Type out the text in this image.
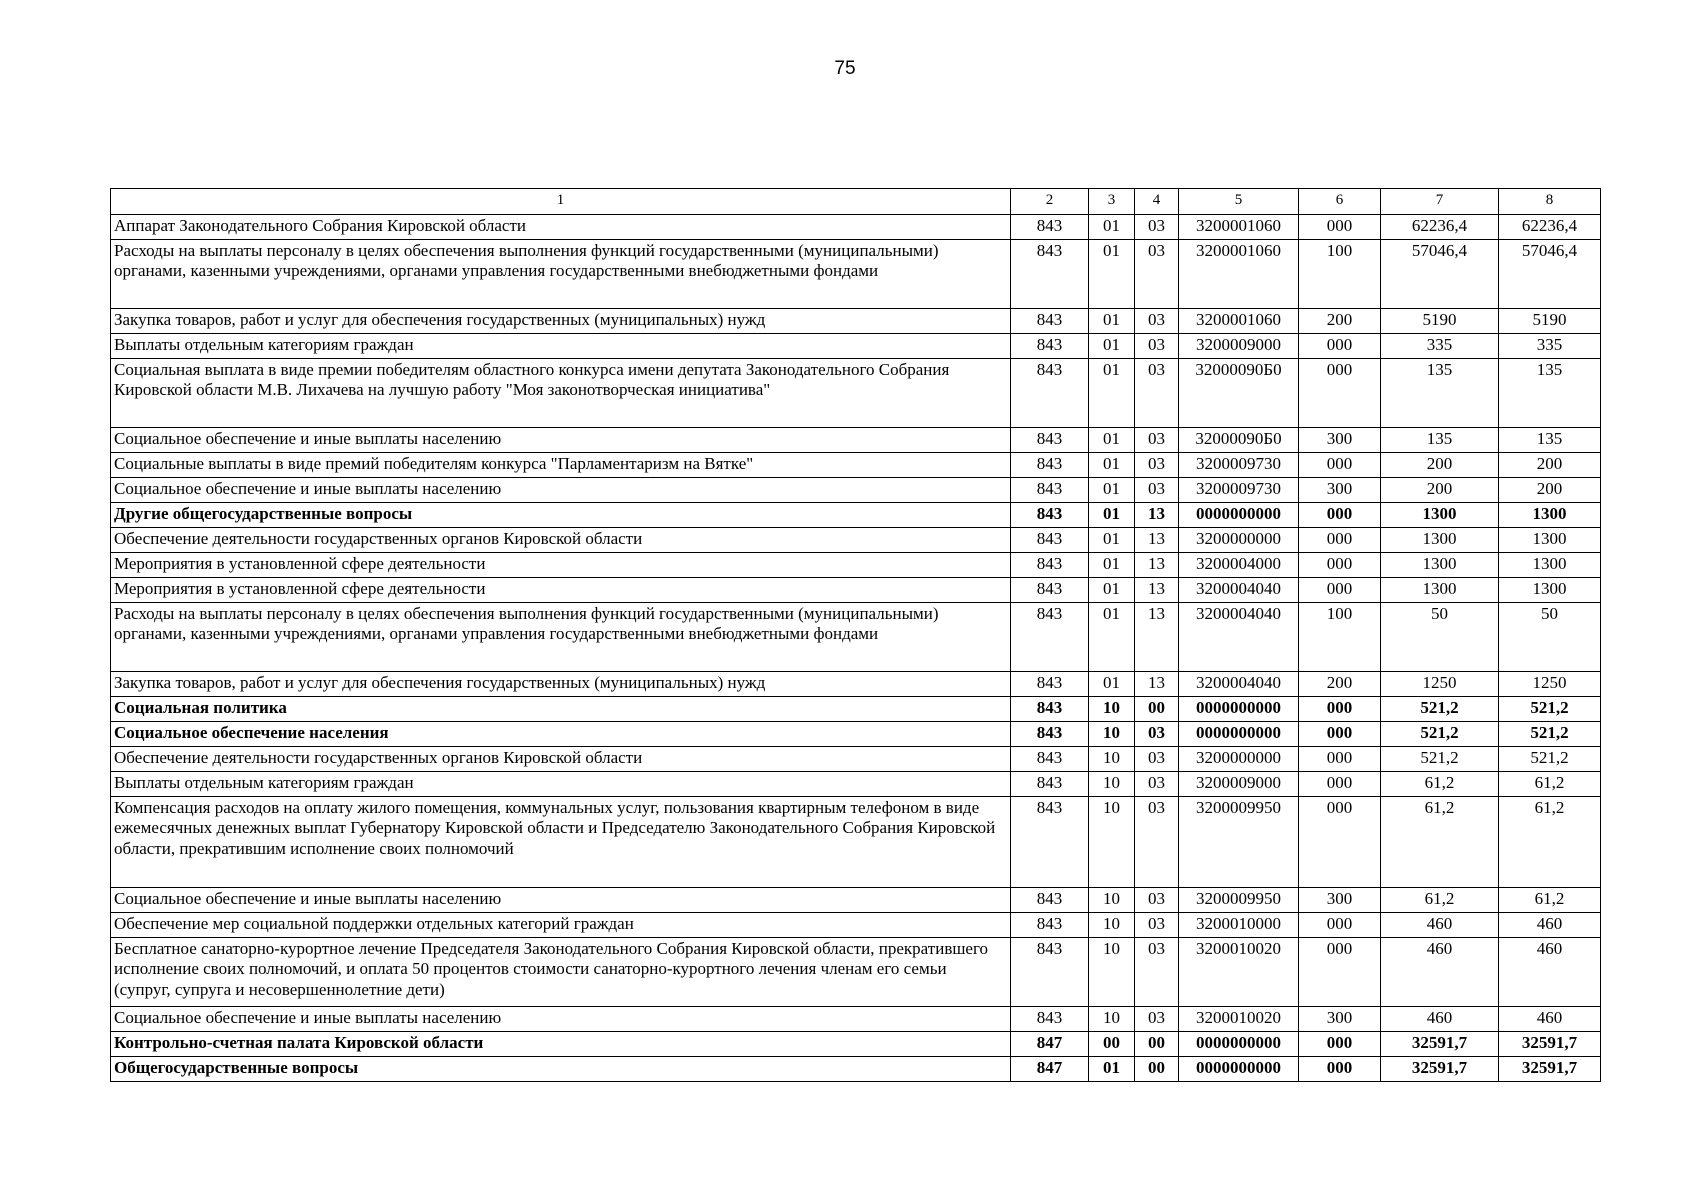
75
1	2	3	4	5	6	7	8
Аппарат Законодательного Собрания Кировской области	843	01	03	3200001060	000	62236,4	62236,4
Расходы на выплаты персоналу в целях обеспечения выполнения функций государственными (муниципальными) органами, казенными учреждениями, органами управления государственными внебюджетными фондами	843	01	03	3200001060	100	57046,4	57046,4
Закупка товаров, работ и услуг для обеспечения государственных (муниципальных) нужд	843	01	03	3200001060	200	5190	5190
Выплаты отдельным категориям граждан	843	01	03	3200009000	000	335	335
Социальная выплата в виде премии победителям областного конкурса имени депутата Законодательного Собрания Кировской области М.В. Лихачева на лучшую работу "Моя законотворческая инициатива"	843	01	03	32000090Б0	000	135	135
Социальное обеспечение и иные выплаты населению	843	01	03	32000090Б0	300	135	135
Социальные выплаты в виде премий победителям конкурса "Парламентаризм на Вятке"	843	01	03	3200009730	000	200	200
Социальное обеспечение и иные выплаты населению	843	01	03	3200009730	300	200	200
Другие общегосударственные вопросы	843	01	13	0000000000	000	1300	1300
Обеспечение деятельности государственных органов Кировской области	843	01	13	3200000000	000	1300	1300
Мероприятия в установленной сфере деятельности	843	01	13	3200004000	000	1300	1300
Мероприятия в установленной сфере деятельности	843	01	13	3200004040	000	1300	1300
Расходы на выплаты персоналу в целях обеспечения выполнения функций государственными (муниципальными) органами, казенными учреждениями, органами управления государственными внебюджетными фондами	843	01	13	3200004040	100	50	50
Закупка товаров, работ и услуг для обеспечения государственных (муниципальных) нужд	843	01	13	3200004040	200	1250	1250
Социальная политика	843	10	00	0000000000	000	521,2	521,2
Социальное обеспечение населения	843	10	03	0000000000	000	521,2	521,2
Обеспечение деятельности государственных органов Кировской области	843	10	03	3200000000	000	521,2	521,2
Выплаты отдельным категориям граждан	843	10	03	3200009000	000	61,2	61,2
Компенсация расходов на оплату жилого помещения, коммунальных услуг, пользования квартирным телефоном в виде ежемесячных денежных выплат Губернатору Кировской области и Председателю Законодательного Собрания Кировской области, прекратившим исполнение своих полномочий	843	10	03	3200009950	000	61,2	61,2
Социальное обеспечение и иные выплаты населению	843	10	03	3200009950	300	61,2	61,2
Обеспечение мер социальной поддержки отдельных категорий граждан	843	10	03	3200010000	000	460	460
Бесплатное санаторно-курортное лечение Председателя Законодательного Собрания Кировской области, прекратившего исполнение своих полномочий, и оплата 50 процентов стоимости санаторно-курортного лечения членам его семьи (супруг, супруга и несовершеннолетние дети)	843	10	03	3200010020	000	460	460
Социальное обеспечение и иные выплаты населению	843	10	03	3200010020	300	460	460
Контрольно-счетная палата Кировской области	847	00	00	0000000000	000	32591,7	32591,7
Общегосударственные вопросы	847	01	00	0000000000	000	32591,7	32591,7
